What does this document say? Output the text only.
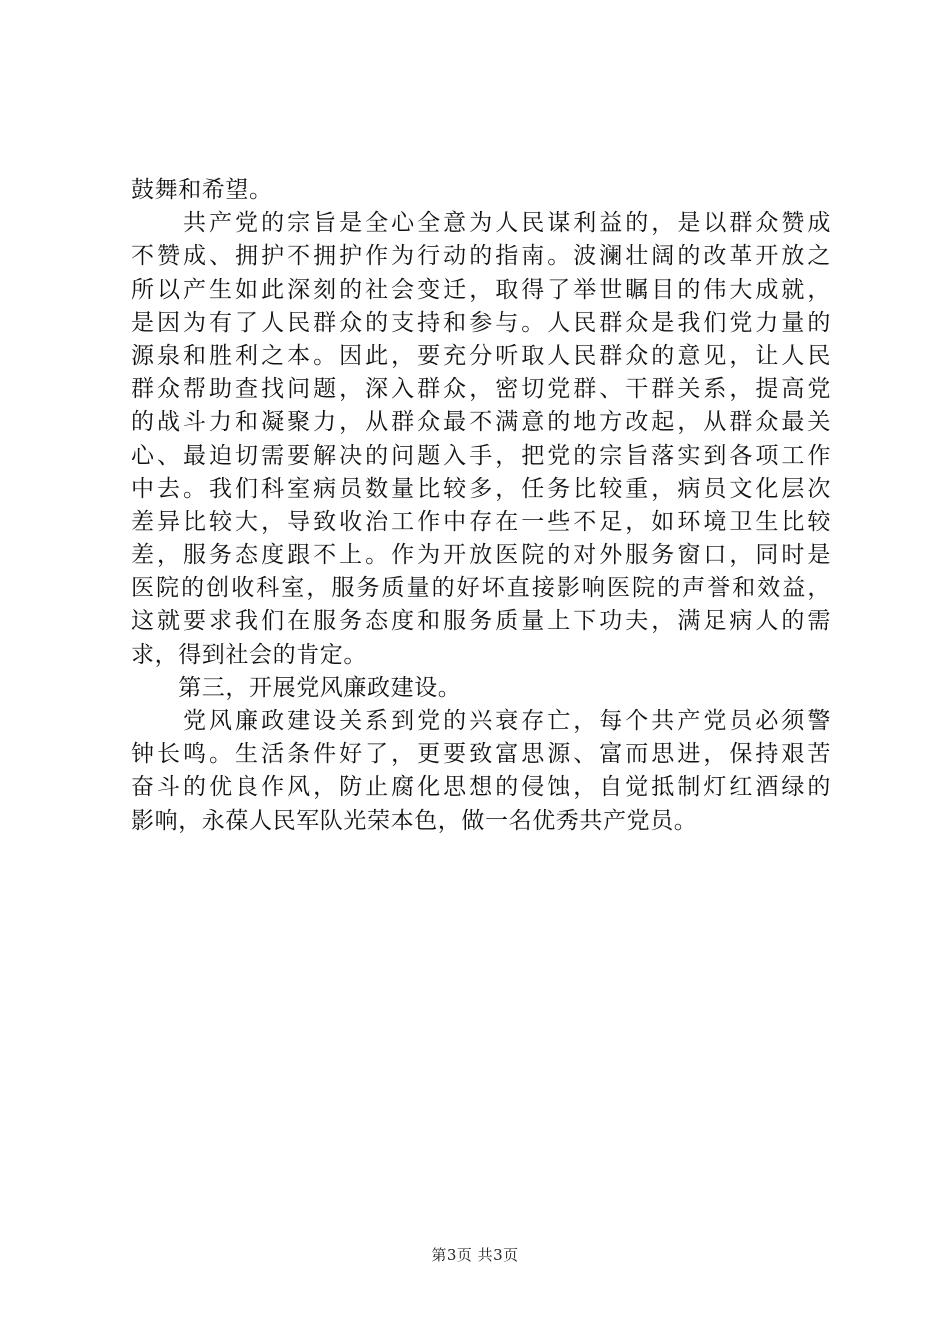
鼓舞和希望。
　　共产党的宗旨是全心全意为人民谋利益的，是以群众赞成
不赞成、拥护不拥护作为行动的指南。波澜壮阔的改革开放之
所以产生如此深刻的社会变迁，取得了举世瞩目的伟大成就，
是因为有了人民群众的支持和参与。人民群众是我们党力量的
源泉和胜利之本。因此，要充分听取人民群众的意见，让人民
群众帮助查找问题，深入群众，密切党群、干群关系，提高党
的战斗力和凝聚力，从群众最不满意的地方改起，从群众最关
心、最迫切需要解决的问题入手，把党的宗旨落实到各项工作
中去。我们科室病员数量比较多，任务比较重，病员文化层次
差异比较大，导致收治工作中存在一些不足，如环境卫生比较
差，服务态度跟不上。作为开放医院的对外服务窗口，同时是
医院的创收科室，服务质量的好坏直接影响医院的声誉和效益，
这就要求我们在服务态度和服务质量上下功夫，满足病人的需
求，得到社会的肯定。
　　第三，开展党风廉政建设。
　　党风廉政建设关系到党的兴衰存亡，每个共产党员必须警
钟长鸣。生活条件好了，更要致富思源、富而思进，保持艰苦
奋斗的优良作风，防止腐化思想的侵蚀，自觉抵制灯红酒绿的
影响，永葆人民军队光荣本色，做一名优秀共产党员。
第3页 共3页
